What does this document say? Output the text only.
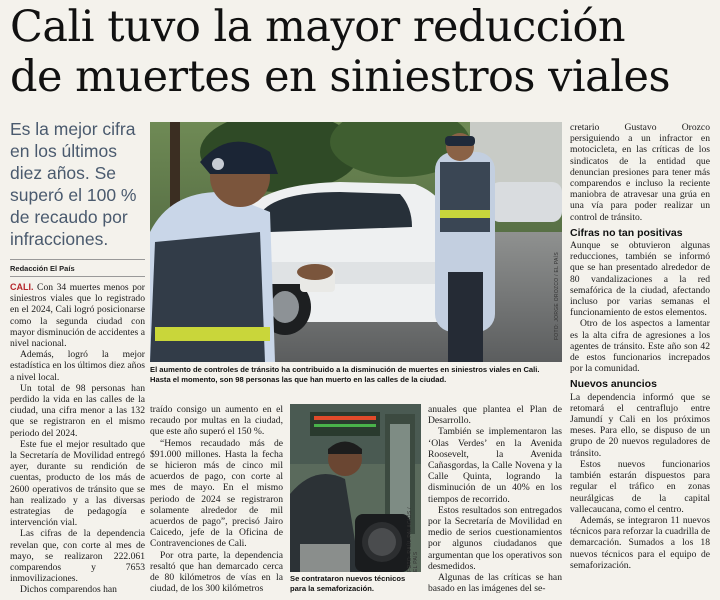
Cali tuvo la mayor reducción
de muertes en siniestros viales
Es la mejor cifra en los últimos diez años. Se superó el 100 % de recaudo por infracciones.
Redacción El País	FOTO: JORGE OROZCO / EL PAÍS
El aumento de controles de tránsito ha contribuido a la disminución de muertes en siniestros viales en Cali. Hasta el momento, son 98 personas las que han muerto en las calles de la ciudad.

CALI. Con 34 muertes menos por siniestros viales que lo registrado en el 2024, Cali logró posicionarse como la segunda ciudad con mayor disminución de accidentes a nivel nacional.

Además, logró la mejor estadística en los últimos diez años a nivel local.

Un total de 98 personas han perdido la vida en las calles de la ciudad, una cifra menor a las 132 que se registraron en el mismo periodo del 2024.

Este fue el mejor resultado que la Secretaría de Movilidad entregó ayer, durante su rendición de cuentas, producto de los más de 2600 operativos de tránsito que se han realizado y a las diversas estrategias de pedagogía e intervención vial.

Las cifras de la dependencia revelan que, con corte al mes de mayo, se realizaron 222.061 comparendos y 7653 inmovilizaciones.

Dichos comparendos han

traído consigo un aumento en el recaudo por multas en la ciudad, que este año superó el 150 %.

“Hemos recaudado más de $91.000 millones. Hasta la fecha se hicieron más de cinco mil acuerdos de pago, con corte al mes de mayo. En el mismo periodo de 2024 se registraron solamente alrededor de mil acuerdos de pago”, precisó Jairo Caicedo, jefe de la Oficina de Contravenciones de Cali.

Por otra parte, la dependencia resaltó que han demarcado cerca de 80 kilómetros de vías en la ciudad, de los 300 kilómetros

FOTO: RAÚL PALACIOS / EL PAÍS
Se contrataron nuevos técnicos para la semaforización.

anuales que plantea el Plan de Desarrollo.

También se implementaron las ‘Olas Verdes’ en la Avenida Roosevelt, la Avenida Cañasgordas, la Calle Novena y la Calle Quinta, logrando la disminución de un 40% en los tiempos de recorrido.

Estos resultados son entregados por la Secretaría de Movilidad en medio de serios cuestionamientos por algunos ciudadanos que argumentan que los operativos son desmedidos.

Algunas de las críticas se han basado en las imágenes del se-

cretario Gustavo Orozco persiguiendo a un infractor en motocicleta, en las críticas de los sindicatos de la entidad que denuncian presiones para tener más comparendos e incluso la reciente maniobra de atravesar una grúa en una vía para poder realizar un control de tránsito.

Cifras no tan positivas

Aunque se obtuvieron algunas reducciones, también se informó que se han presentado alrededor de 80 vandalizaciones a la red semafórica de la ciudad, afectando incluso por varias semanas el funcionamiento de estos elementos.

Otro de los aspectos a lamentar es la alta cifra de agresiones a los agentes de tránsito. Este año son 42 de estos funcionarios increpados por la comunidad.

Nuevos anuncios

La dependencia informó que se retomará el centraflujo entre Jamundí y Cali en los próximos meses. Para ello, se dispuso de un grupo de 20 nuevos reguladores de tránsito.

Estos nuevos funcionarios también estarán dispuestos para regular el tráfico en zonas neurálgicas de la capital vallecaucana, como el centro.

Además, se integraron 11 nuevos técnicos para reforzar la cuadrilla de demarcación. Sumados a los 18 nuevos técnicos para el equipo de semaforización.
